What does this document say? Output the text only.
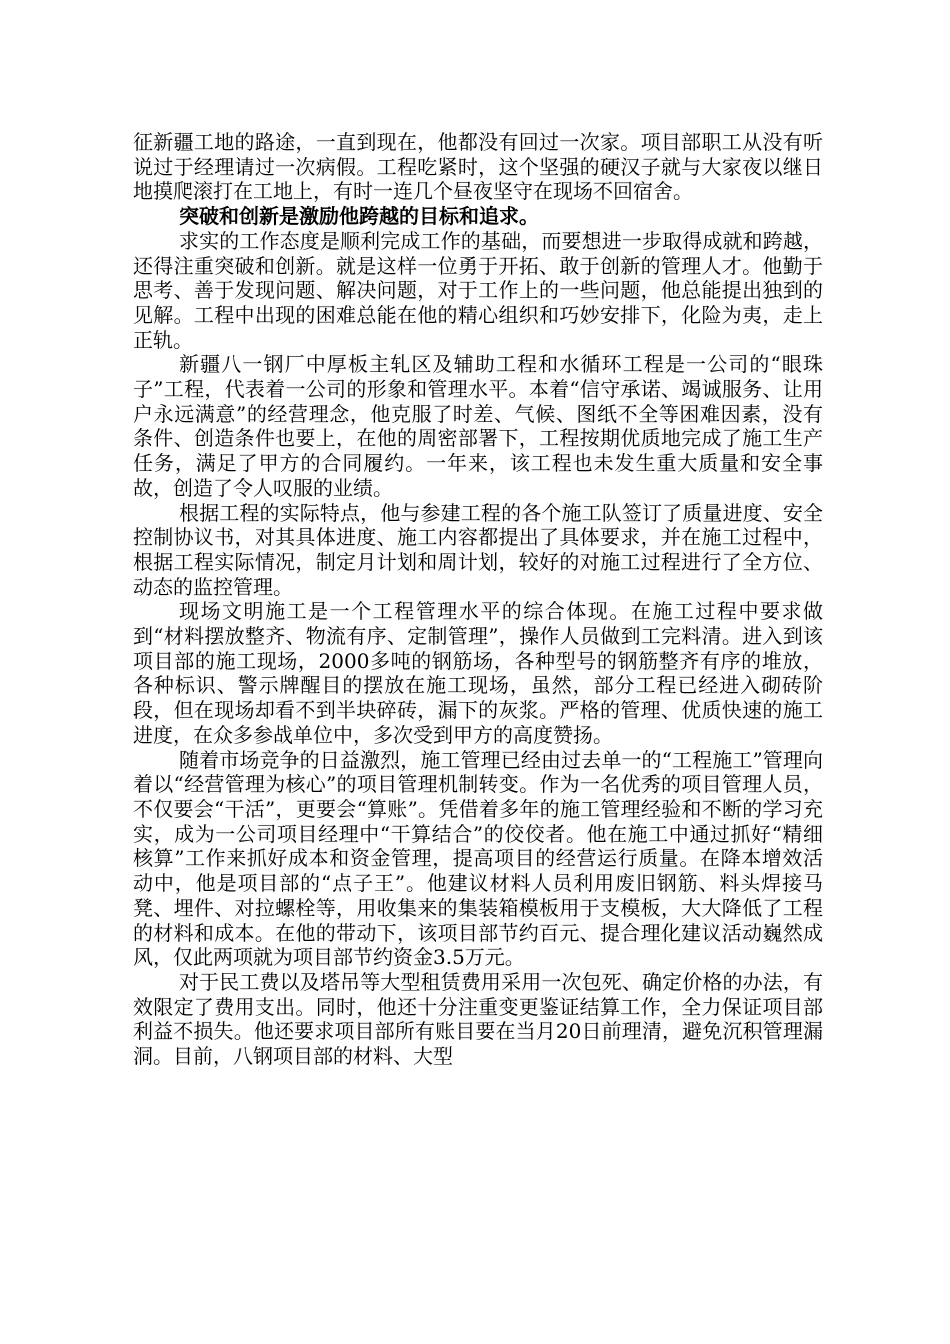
征新疆工地的路途，一直到现在，他都没有回过一次家。项目部职工从没有听说过于经理请过一次病假。工程吃紧时，这个坚强的硬汉子就与大家夜以继日地摸爬滚打在工地上，有时一连几个昼夜坚守在现场不回宿舍。

突破和创新是激励他跨越的目标和追求。

求实的工作态度是顺利完成工作的基础，而要想进一步取得成就和跨越，还得注重突破和创新。就是这样一位勇于开拓、敢于创新的管理人才。他勤于思考、善于发现问题、解决问题，对于工作上的一些问题，他总能提出独到的见解。工程中出现的困难总能在他的精心组织和巧妙安排下，化险为夷，走上正轨。

新疆八一钢厂中厚板主轧区及辅助工程和水循环工程是一公司的“眼珠子”工程，代表着一公司的形象和管理水平。本着“信守承诺、竭诚服务、让用户永远满意”的经营理念，他克服了时差、气候、图纸不全等困难因素，没有条件、创造条件也要上，在他的周密部署下，工程按期优质地完成了施工生产任务，满足了甲方的合同履约。一年来，该工程也未发生重大质量和安全事故，创造了令人叹服的业绩。

根据工程的实际特点，他与参建工程的各个施工队签订了质量进度、安全控制协议书，对其具体进度、施工内容都提出了具体要求，并在施工过程中，根据工程实际情况，制定月计划和周计划，较好的对施工过程进行了全方位、动态的监控管理。

现场文明施工是一个工程管理水平的综合体现。在施工过程中要求做到“材料摆放整齐、物流有序、定制管理”，操作人员做到工完料清。进入到该项目部的施工现场，2000多吨的钢筋场，各种型号的钢筋整齐有序的堆放，各种标识、警示牌醒目的摆放在施工现场，虽然，部分工程已经进入砌砖阶段，但在现场却看不到半块碎砖，漏下的灰浆。严格的管理、优质快速的施工进度，在众多参战单位中，多次受到甲方的高度赞扬。

随着市场竞争的日益激烈，施工管理已经由过去单一的“工程施工”管理向着以“经营管理为核心”的项目管理机制转变。作为一名优秀的项目管理人员，不仅要会“干活”，更要会“算账”。凭借着多年的施工管理经验和不断的学习充实，成为一公司项目经理中“干算结合”的佼佼者。他在施工中通过抓好“精细核算”工作来抓好成本和资金管理，提高项目的经营运行质量。在降本增效活动中，他是项目部的“点子王”。他建议材料人员利用废旧钢筋、料头焊接马凳、埋件、对拉螺栓等，用收集来的集装箱模板用于支模板，大大降低了工程的材料和成本。在他的带动下，该项目部节约百元、提合理化建议活动巍然成风，仅此两项就为项目部节约资金3.5万元。

对于民工费以及塔吊等大型租赁费用采用一次包死、确定价格的办法，有效限定了费用支出。同时，他还十分注重变更鉴证结算工作，全力保证项目部利益不损失。他还要求项目部所有账目要在当月20日前理清，避免沉积管理漏洞。目前，八钢项目部的材料、大型
